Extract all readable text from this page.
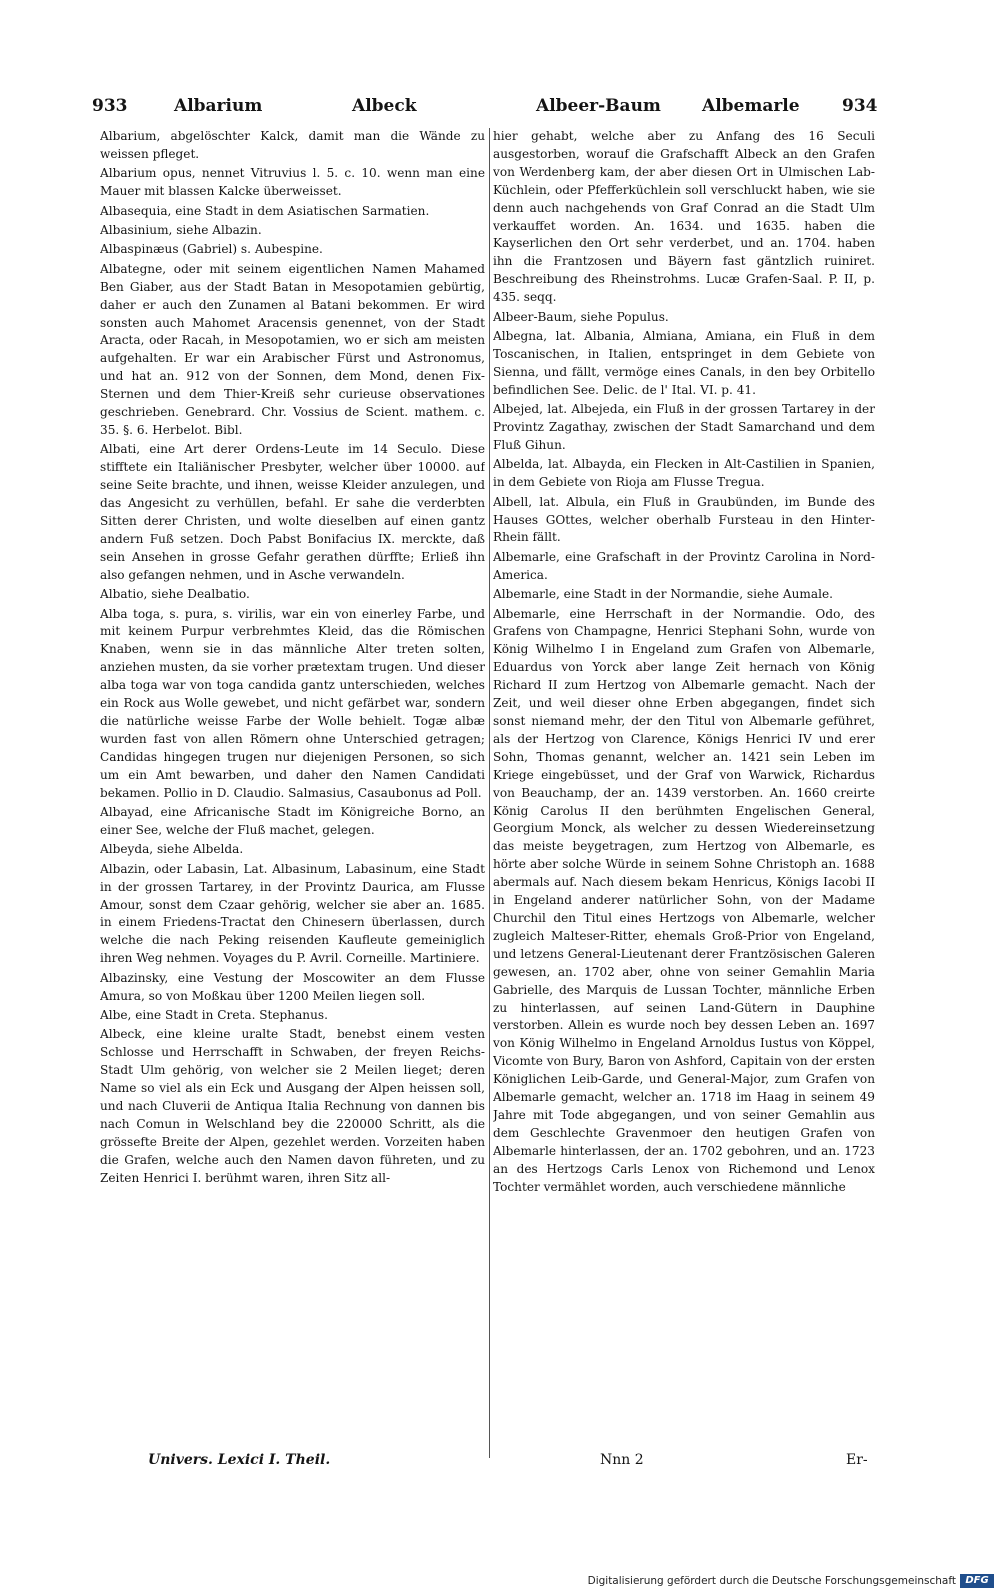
933	Albarium	Albeck	Albeer-Baum Albemarle 934

Albarium, abgelöschter Kalck, damit man die Wände zu weissen pfleget.

Albarium opus, nennet Vitruvius l. 5. c. 10. wenn man eine Mauer mit blassen Kalcke überweisset.

Albasequia, eine Stadt in dem Asiatischen Sarmatien.

Albasinium, siehe Albazin.

Albaspinæus (Gabriel) s. Aubespine.

Albategne, oder mit seinem eigentlichen Namen Mahamed Ben Giaber, aus der Stadt Batan in Mesopotamien gebürtig, daher er auch den Zunamen al Batani bekommen. Er wird sonsten auch Mahomet Aracensis genennet, von der Stadt Aracta, oder Racah, in Mesopotamien, wo er sich am meisten aufgehalten. Er war ein Arabischer Fürst und Astronomus, und hat an. 912 von der Sonnen, dem Mond, denen Fix-Sternen und dem Thier-Kreiß sehr curieuse observationes geschrieben. Genebrard. Chr. Vossius de Scient. mathem. c. 35. §. 6. Herbelot. Bibl.

Albati, eine Art derer Ordens-Leute im 14 Seculo. Diese stifftete ein Italiänischer Presbyter, welcher über 10000. auf seine Seite brachte, und ihnen, weisse Kleider anzulegen, und das Angesicht zu verhüllen, befahl. Er sahe die verderbten Sitten derer Christen, und wolte dieselben auf einen gantz andern Fuß setzen. Doch Pabst Bonifacius IX. merckte, daß sein Ansehen in grosse Gefahr gerathen dürffte; Erließ ihn also gefangen nehmen, und in Asche verwandeln.

Albatio, siehe Dealbatio.

Alba toga, s. pura, s. virilis, war ein von einerley Farbe, und mit keinem Purpur verbrehmtes Kleid, das die Römischen Knaben, wenn sie in das männliche Alter treten solten, anziehen musten, da sie vorher prætextam trugen. Und dieser alba toga war von toga candida gantz unterschieden, welches ein Rock aus Wolle gewebet, und nicht gefärbet war, sondern die natürliche weisse Farbe der Wolle behielt. Togæ albæ wurden fast von allen Römern ohne Unterschied getragen; Candidas hingegen trugen nur diejenigen Personen, so sich um ein Amt bewarben, und daher den Namen Candidati bekamen. Pollio in D. Claudio. Salmasius, Casaubonus ad Poll.

Albayad, eine Africanische Stadt im Königreiche Borno, an einer See, welche der Fluß machet, gelegen.

Albeyda, siehe Albelda.

Albazin, oder Labasin, Lat. Albasinum, Labasinum, eine Stadt in der grossen Tartarey, in der Provintz Daurica, am Flusse Amour, sonst dem Czaar gehörig, welcher sie aber an. 1685. in einem Friedens-Tractat den Chinesern überlassen, durch welche die nach Peking reisenden Kaufleute gemeiniglich ihren Weg nehmen. Voyages du P. Avril. Corneille. Martiniere.

Albazinsky, eine Vestung der Moscowiter an dem Flusse Amura, so von Moßkau über 1200 Meilen liegen soll.

Albe, eine Stadt in Creta. Stephanus.

Albeck, eine kleine uralte Stadt, benebst einem vesten Schlosse und Herrschafft in Schwaben, der freyen Reichs-Stadt Ulm gehörig, von welcher sie 2 Meilen lieget; deren Name so viel als ein Eck und Ausgang der Alpen heissen soll, und nach Cluverii de Antiqua Italia Rechnung von dannen bis nach Comun in Welschland bey die 220000 Schritt, als die grössefte Breite der Alpen, gezehlet werden. Vorzeiten haben die Grafen, welche auch den Namen davon führeten, und zu Zeiten Henrici I. berühmt waren, ihren Sitz all-

hier gehabt, welche aber zu Anfang des 16 Seculi ausgestorben, worauf die Grafschafft Albeck an den Grafen von Werdenberg kam, der aber diesen Ort in Ulmischen Lab-Küchlein, oder Pfefferküchlein soll verschluckt haben, wie sie denn auch nachgehends von Graf Conrad an die Stadt Ulm verkauffet worden. An. 1634. und 1635. haben die Kayserlichen den Ort sehr verderbet, und an. 1704. haben ihn die Frantzosen und Bäyern fast gäntzlich ruiniret. Beschreibung des Rheinstrohms. Lucæ Grafen-Saal. P. II, p. 435. seqq.

Albeer-Baum, siehe Populus.

Albegna, lat. Albania, Almiana, Amiana, ein Fluß in dem Toscanischen, in Italien, entspringet in dem Gebiete von Sienna, und fällt, vermöge eines Canals, in den bey Orbitello befindlichen See. Delic. de l' Ital. VI. p. 41.

Albejed, lat. Albejeda, ein Fluß in der grossen Tartarey in der Provintz Zagathay, zwischen der Stadt Samarchand und dem Fluß Gihun.

Albelda, lat. Albayda, ein Flecken in Alt-Castilien in Spanien, in dem Gebiete von Rioja am Flusse Tregua.

Albell, lat. Albula, ein Fluß in Graubünden, im Bunde des Hauses GOttes, welcher oberhalb Fursteau in den Hinter-Rhein fällt.

Albemarle, eine Grafschaft in der Provintz Carolina in Nord-America.

Albemarle, eine Stadt in der Normandie, siehe Aumale.

Albemarle, eine Herrschaft in der Normandie. Odo, des Grafens von Champagne, Henrici Stephani Sohn, wurde von König Wilhelmo I in Engeland zum Grafen von Albemarle, Eduardus von Yorck aber lange Zeit hernach von König Richard II zum Hertzog von Albemarle gemacht. Nach der Zeit, und weil dieser ohne Erben abgegangen, findet sich sonst niemand mehr, der den Titul von Albemarle geführet, als der Hertzog von Clarence, Königs Henrici IV und erer Sohn, Thomas genannt, welcher an. 1421 sein Leben im Kriege eingebüsset, und der Graf von Warwick, Richardus von Beauchamp, der an. 1439 verstorben. An. 1660 creirte König Carolus II den berühmten Engelischen General, Georgium Monck, als welcher zu dessen Wiedereinsetzung das meiste beygetragen, zum Hertzog von Albemarle, es hörte aber solche Würde in seinem Sohne Christoph an. 1688 abermals auf. Nach diesem bekam Henricus, Königs Iacobi II in Engeland anderer natürlicher Sohn, von der Madame Churchil den Titul eines Hertzogs von Albemarle, welcher zugleich Malteser-Ritter, ehemals Groß-Prior von Engeland, und letzens General-Lieutenant derer Frantzösischen Galeren gewesen, an. 1702 aber, ohne von seiner Gemahlin Maria Gabrielle, des Marquis de Lussan Tochter, männliche Erben zu hinterlassen, auf seinen Land-Gütern in Dauphine verstorben. Allein es wurde noch bey dessen Leben an. 1697 von König Wilhelmo in Engeland Arnoldus Iustus von Köppel, Vicomte von Bury, Baron von Ashford, Capitain von der ersten Königlichen Leib-Garde, und General-Major, zum Grafen von Albemarle gemacht, welcher an. 1718 im Haag in seinem 49 Jahre mit Tode abgegangen, und von seiner Gemahlin aus dem Geschlechte Gravenmoer den heutigen Grafen von Albemarle hinterlassen, der an. 1702 gebohren, und an. 1723 an des Hertzogs Carls Lenox von Richemond und Lenox Tochter vermählet worden, auch verschiedene männliche

Univers. Lexici I. Theil.	Nnn 2	Er-
Digitalisierung gefördert durch die Deutsche Forschungsgemeinschaft DFG
